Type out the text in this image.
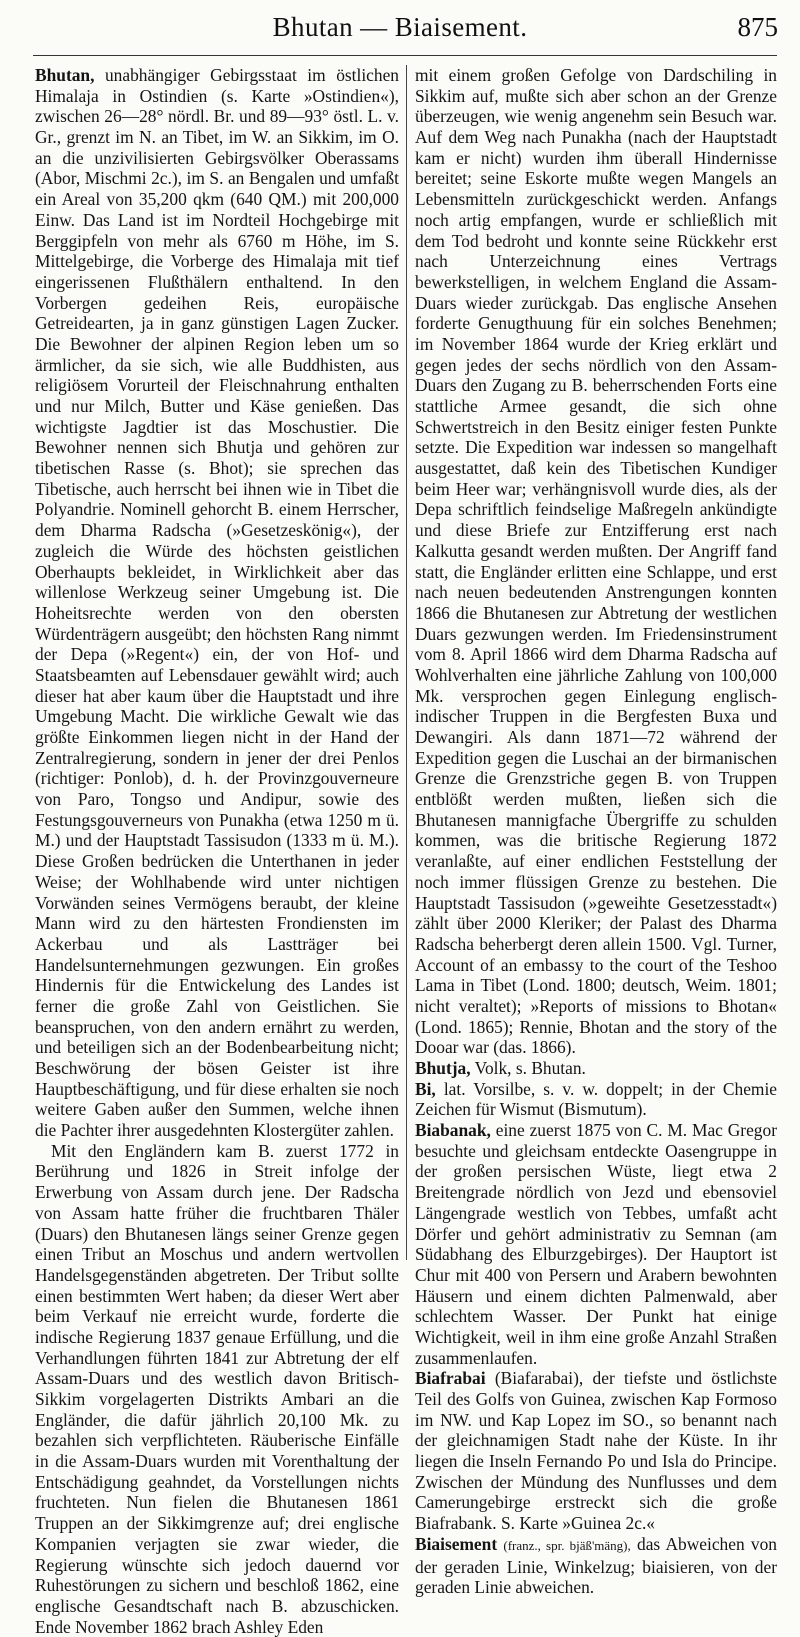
Bhutan — Biaisement.	875

Bhutan, unabhängiger Gebirgsstaat im östlichen Himalaja in Ostindien (s. Karte »Ostindien«), zwischen 26—28° nördl. Br. und 89—93° östl. L. v. Gr., grenzt im N. an Tibet, im W. an Sikkim, im O. an die unzivilisierten Gebirgsvölker Oberassams (Abor, Mischmi 2c.), im S. an Bengalen und umfaßt ein Areal von 35,200 qkm (640 QM.) mit 200,000 Einw. Das Land ist im Nordteil Hochgebirge mit Berggipfeln von mehr als 6760 m Höhe, im S. Mittelgebirge, die Vorberge des Himalaja mit tief eingerissenen Flußthälern enthaltend. In den Vorbergen gedeihen Reis, europäische Getreidearten, ja in ganz günstigen Lagen Zucker. Die Bewohner der alpinen Region leben um so ärmlicher, da sie sich, wie alle Buddhisten, aus religiösem Vorurteil der Fleischnahrung enthalten und nur Milch, Butter und Käse genießen. Das wichtigste Jagdtier ist das Moschustier. Die Bewohner nennen sich Bhutja und gehören zur tibetischen Rasse (s. Bhot); sie sprechen das Tibetische, auch herrscht bei ihnen wie in Tibet die Polyandrie. Nominell gehorcht B. einem Herrscher, dem Dharma Radscha (»Gesetzeskönig«), der zugleich die Würde des höchsten geistlichen Oberhaupts bekleidet, in Wirklichkeit aber das willenlose Werkzeug seiner Umgebung ist. Die Hoheitsrechte werden von den obersten Würdenträgern ausgeübt; den höchsten Rang nimmt der Depa (»Regent«) ein, der von Hof- und Staatsbeamten auf Lebensdauer gewählt wird; auch dieser hat aber kaum über die Hauptstadt und ihre Umgebung Macht. Die wirkliche Gewalt wie das größte Einkommen liegen nicht in der Hand der Zentralregierung, sondern in jener der drei Penlos (richtiger: Ponlob), d. h. der Provinzgouverneure von Paro, Tongso und Andipur, sowie des Festungsgouverneurs von Punakha (etwa 1250 m ü. M.) und der Hauptstadt Tassisudon (1333 m ü. M.). Diese Großen bedrücken die Unterthanen in jeder Weise; der Wohlhabende wird unter nichtigen Vorwänden seines Vermögens beraubt, der kleine Mann wird zu den härtesten Frondiensten im Ackerbau und als Lastträger bei Handelsunternehmungen gezwungen. Ein großes Hindernis für die Entwickelung des Landes ist ferner die große Zahl von Geistlichen. Sie beanspruchen, von den andern ernährt zu werden, und beteiligen sich an der Bodenbearbeitung nicht; Beschwörung der bösen Geister ist ihre Hauptbeschäftigung, und für diese erhalten sie noch weitere Gaben außer den Summen, welche ihnen die Pachter ihrer ausgedehnten Klostergüter zahlen.

Mit den Engländern kam B. zuerst 1772 in Berührung und 1826 in Streit infolge der Erwerbung von Assam durch jene. Der Radscha von Assam hatte früher die fruchtbaren Thäler (Duars) den Bhutanesen längs seiner Grenze gegen einen Tribut an Moschus und andern wertvollen Handelsgegenständen abgetreten. Der Tribut sollte einen bestimmten Wert haben; da dieser Wert aber beim Verkauf nie erreicht wurde, forderte die indische Regierung 1837 genaue Erfüllung, und die Verhandlungen führten 1841 zur Abtretung der elf Assam-Duars und des westlich davon Britisch-Sikkim vorgelagerten Distrikts Ambari an die Engländer, die dafür jährlich 20,100 Mk. zu bezahlen sich verpflichteten. Räuberische Einfälle in die Assam-Duars wurden mit Vorenthaltung der Entschädigung geahndet, da Vorstellungen nichts fruchteten. Nun fielen die Bhutanesen 1861 Truppen an der Sikkimgrenze auf; drei englische Kompanien verjagten sie zwar wieder, die Regierung wünschte sich jedoch dauernd vor Ruhestörungen zu sichern und beschloß 1862, eine englische Gesandtschaft nach B. abzuschicken. Ende November 1862 brach Ashley Eden

mit einem großen Gefolge von Dardschiling in Sikkim auf, mußte sich aber schon an der Grenze überzeugen, wie wenig angenehm sein Besuch war. Auf dem Weg nach Punakha (nach der Hauptstadt kam er nicht) wurden ihm überall Hindernisse bereitet; seine Eskorte mußte wegen Mangels an Lebensmitteln zurückgeschickt werden. Anfangs noch artig empfangen, wurde er schließlich mit dem Tod bedroht und konnte seine Rückkehr erst nach Unterzeichnung eines Vertrags bewerkstelligen, in welchem England die Assam-Duars wieder zurückgab. Das englische Ansehen forderte Genugthuung für ein solches Benehmen; im November 1864 wurde der Krieg erklärt und gegen jedes der sechs nördlich von den Assam-Duars den Zugang zu B. beherrschenden Forts eine stattliche Armee gesandt, die sich ohne Schwertstreich in den Besitz einiger festen Punkte setzte. Die Expedition war indessen so mangelhaft ausgestattet, daß kein des Tibetischen Kundiger beim Heer war; verhängnisvoll wurde dies, als der Depa schriftlich feindselige Maßregeln ankündigte und diese Briefe zur Entzifferung erst nach Kalkutta gesandt werden mußten. Der Angriff fand statt, die Engländer erlitten eine Schlappe, und erst nach neuen bedeutenden Anstrengungen konnten 1866 die Bhutanesen zur Abtretung der westlichen Duars gezwungen werden. Im Friedensinstrument vom 8. April 1866 wird dem Dharma Radscha auf Wohlverhalten eine jährliche Zahlung von 100,000 Mk. versprochen gegen Einlegung englisch-indischer Truppen in die Bergfesten Buxa und Dewangiri. Als dann 1871—72 während der Expedition gegen die Luschai an der birmanischen Grenze die Grenzstriche gegen B. von Truppen entblößt werden mußten, ließen sich die Bhutanesen mannigfache Übergriffe zu schulden kommen, was die britische Regierung 1872 veranlaßte, auf einer endlichen Feststellung der noch immer flüssigen Grenze zu bestehen. Die Hauptstadt Tassisudon (»geweihte Gesetzesstadt«) zählt über 2000 Kleriker; der Palast des Dharma Radscha beherbergt deren allein 1500. Vgl. Turner, Account of an embassy to the court of the Teshoo Lama in Tibet (Lond. 1800; deutsch, Weim. 1801; nicht veraltet); »Reports of missions to Bhotan« (Lond. 1865); Rennie, Bhotan and the story of the Dooar war (das. 1866).

Bhutja, Volk, s. Bhutan.

Bi, lat. Vorsilbe, s. v. w. doppelt; in der Chemie Zeichen für Wismut (Bismutum).

Biabanak, eine zuerst 1875 von C. M. Mac Gregor besuchte und gleichsam entdeckte Oasengruppe in der großen persischen Wüste, liegt etwa 2 Breitengrade nördlich von Jezd und ebensoviel Längengrade westlich von Tebbes, umfaßt acht Dörfer und gehört administrativ zu Semnan (am Südabhang des Elburzgebirges). Der Hauptort ist Chur mit 400 von Persern und Arabern bewohnten Häusern und einem dichten Palmenwald, aber schlechtem Wasser. Der Punkt hat einige Wichtigkeit, weil in ihm eine große Anzahl Straßen zusammenlaufen.

Biafrabai (Biafarabai), der tiefste und östlichste Teil des Golfs von Guinea, zwischen Kap Formoso im NW. und Kap Lopez im SO., so benannt nach der gleichnamigen Stadt nahe der Küste. In ihr liegen die Inseln Fernando Po und Isla do Principe. Zwischen der Mündung des Nunflusses und dem Camerungebirge erstreckt sich die große Biafrabank. S. Karte »Guinea 2c.«

Biaisement (franz., spr. bjäß'mäng), das Abweichen von der geraden Linie, Winkelzug; biaisieren, von der geraden Linie abweichen.
